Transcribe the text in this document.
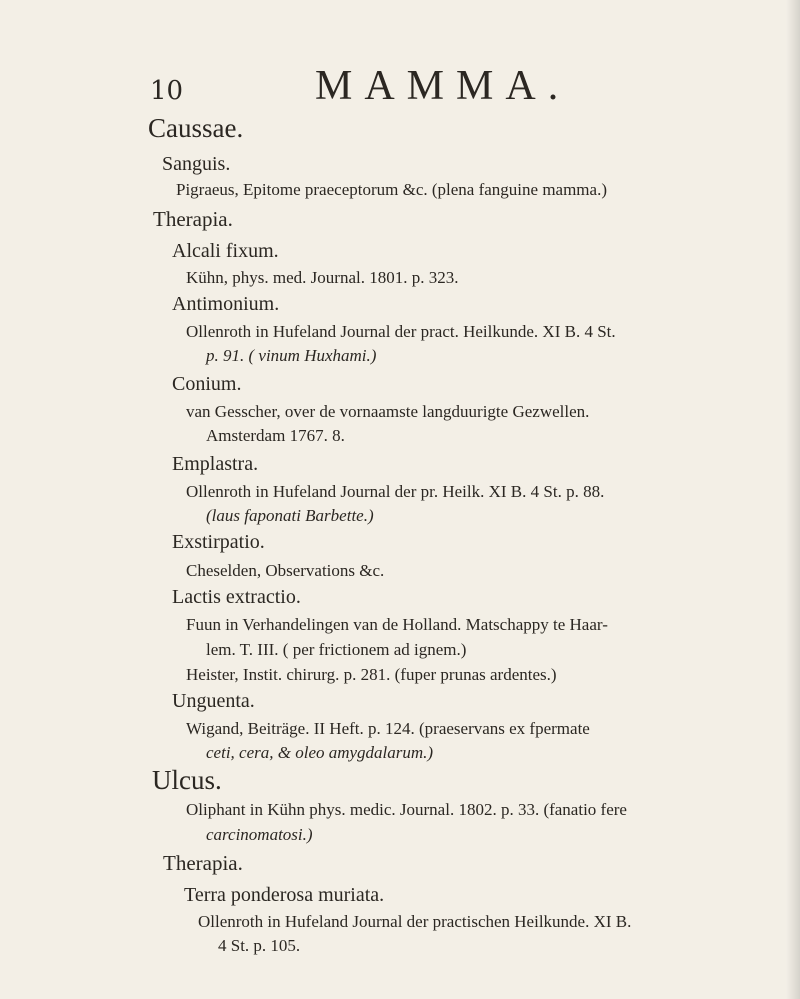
10	MAMMA.
Caussae.
Sanguis.
Pigraeus, Epitome praeceptorum &c. (plena fanguine mamma.)
Therapia.
Alcali fixum.
Kühn, phys. med. Journal. 1801. p. 323.
Antimonium.
Ollenroth in Hufeland Journal der pract. Heilkunde. XI B. 4 St.
p. 91. ( vinum Huxhami.)
Conium.
van Gesscher, over de vornaamste langduurigte Gezwellen.
Amsterdam 1767. 8.
Emplastra.
Ollenroth in Hufeland Journal der pr. Heilk. XI B. 4 St. p. 88.
(laus faponati Barbette.)
Exstirpatio.
Cheselden, Observations &c.
Lactis extractio.
Fuun in Verhandelingen van de Holland. Matschappy te Haar-
lem. T. III. ( per frictionem ad ignem.)
Heister, Instit. chirurg. p. 281. (fuper prunas ardentes.)
Unguenta.
Wigand, Beiträge. II Heft. p. 124. (praeservans ex fpermate
ceti, cera, & oleo amygdalarum.)
Ulcus.
Oliphant in Kühn phys. medic. Journal. 1802. p. 33. (fanatio fere
carcinomatosi.)
Therapia.
Terra ponderosa muriata.
Ollenroth in Hufeland Journal der practischen Heilkunde. XI B.
4 St. p. 105.
